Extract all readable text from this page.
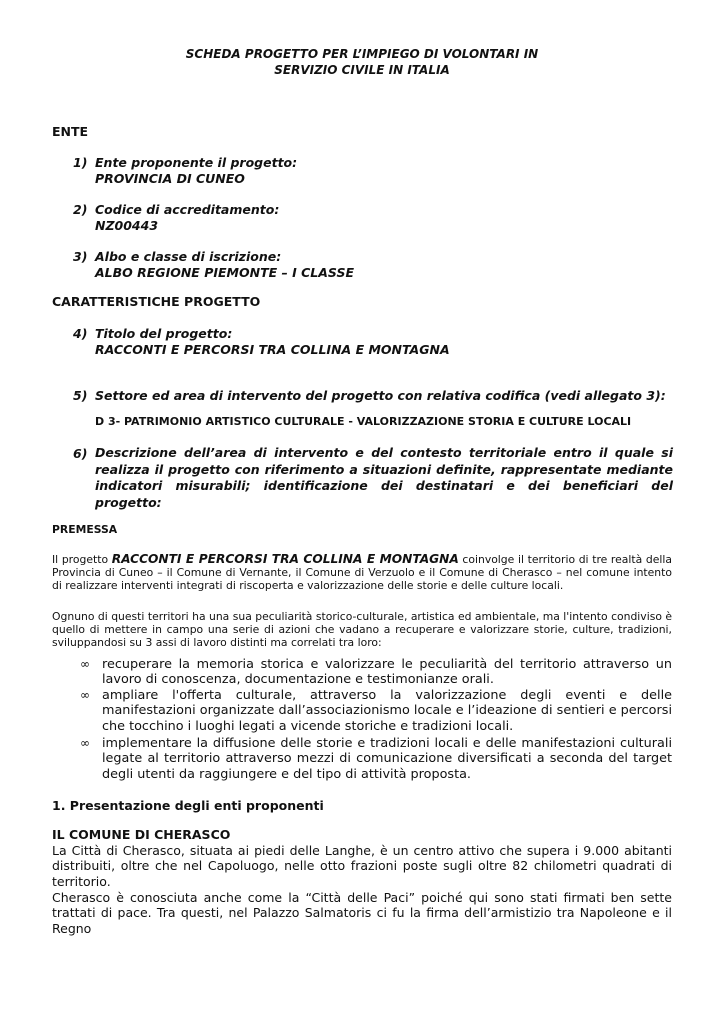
SCHEDA PROGETTO PER L’IMPIEGO DI VOLONTARI IN
SERVIZIO CIVILE IN ITALIA
ENTE
1) Ente proponente il progetto:
PROVINCIA DI CUNEO
2) Codice di accreditamento:
NZ00443
3) Albo e classe di iscrizione:
ALBO REGIONE PIEMONTE – I CLASSE
CARATTERISTICHE PROGETTO
4) Titolo del progetto:
RACCONTI E PERCORSI TRA COLLINA E MONTAGNA
5) Settore ed area di intervento del progetto con relativa codifica (vedi allegato 3):
D 3- PATRIMONIO ARTISTICO CULTURALE - VALORIZZAZIONE STORIA E CULTURE LOCALI
6) Descrizione dell’area di intervento e del contesto territoriale entro il quale si realizza il progetto con riferimento a situazioni definite, rappresentate mediante indicatori misurabili; identificazione dei destinatari e dei beneficiari del progetto:
PREMESSA
Il progetto RACCONTI E PERCORSI TRA COLLINA E MONTAGNA coinvolge il territorio di tre realtà della Provincia di Cuneo – il Comune di Vernante, il Comune di Verzuolo e il Comune di Cherasco – nel comune intento di realizzare interventi integrati di riscoperta e valorizzazione delle storie e delle culture locali.
Ognuno di questi territori ha una sua peculiarità storico-culturale, artistica ed ambientale, ma l'intento condiviso è quello di mettere in campo una serie di azioni che vadano a recuperare e valorizzare storie, culture, tradizioni, sviluppandosi su 3 assi di lavoro distinti ma correlati tra loro:
∞ recuperare la memoria storica e valorizzare le peculiarità del territorio attraverso un lavoro di conoscenza, documentazione e testimonianze orali.
∞ ampliare l'offerta culturale, attraverso la valorizzazione degli eventi e delle manifestazioni organizzate dall’associazionismo locale e l’ideazione di sentieri e percorsi che tocchino i luoghi legati a vicende storiche e tradizioni locali.
∞ implementare la diffusione delle storie e tradizioni locali e delle manifestazioni culturali legate al territorio attraverso mezzi di comunicazione diversificati a seconda del target degli utenti da raggiungere e del tipo di attività proposta.
1. Presentazione degli enti proponenti
IL COMUNE DI CHERASCO
La Città di Cherasco, situata ai piedi delle Langhe, è un centro attivo che supera i 9.000 abitanti distribuiti, oltre che nel Capoluogo, nelle otto frazioni poste sugli oltre 82 chilometri quadrati di territorio.
Cherasco è conosciuta anche come la “Città delle Paci” poiché qui sono stati firmati ben sette trattati di pace. Tra questi, nel Palazzo Salmatoris ci fu la firma dell’armistizio tra Napoleone e il Regno
